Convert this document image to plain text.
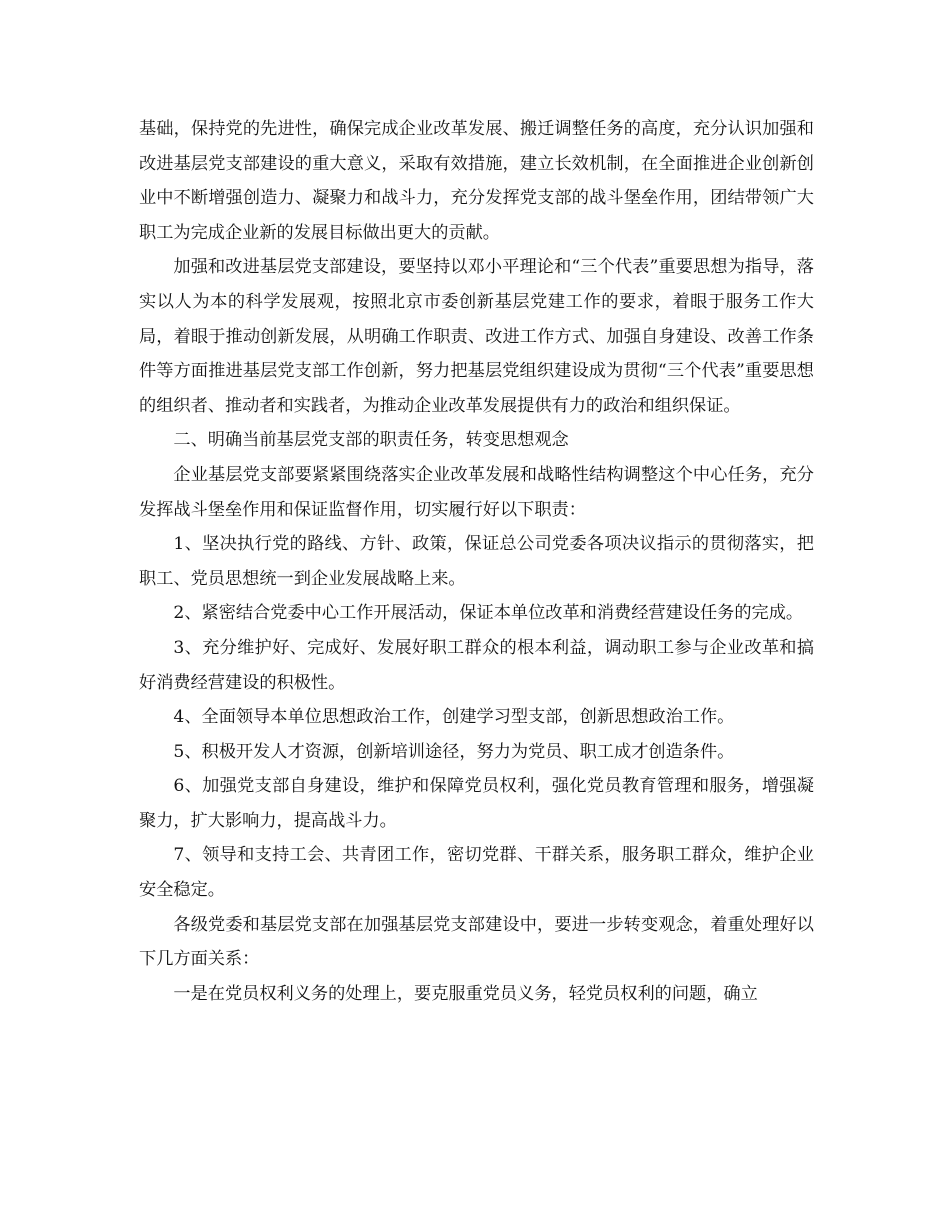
基础，保持党的先进性，确保完成企业改革发展、搬迁调整任务的高度，充分认识加强和改进基层党支部建设的重大意义，采取有效措施，建立长效机制，在全面推进企业创新创业中不断增强创造力、凝聚力和战斗力，充分发挥党支部的战斗堡垒作用，团结带领广大职工为完成企业新的发展目标做出更大的贡献。

加强和改进基层党支部建设，要坚持以邓小平理论和“三个代表”重要思想为指导，落实以人为本的科学发展观，按照北京市委创新基层党建工作的要求，着眼于服务工作大局，着眼于推动创新发展，从明确工作职责、改进工作方式、加强自身建设、改善工作条件等方面推进基层党支部工作创新，努力把基层党组织建设成为贯彻“三个代表”重要思想的组织者、推动者和实践者，为推动企业改革发展提供有力的政治和组织保证。

二、明确当前基层党支部的职责任务，转变思想观念

企业基层党支部要紧紧围绕落实企业改革发展和战略性结构调整这个中心任务，充分发挥战斗堡垒作用和保证监督作用，切实履行好以下职责：

1、坚决执行党的路线、方针、政策，保证总公司党委各项决议指示的贯彻落实，把职工、党员思想统一到企业发展战略上来。

2、紧密结合党委中心工作开展活动，保证本单位改革和消费经营建设任务的完成。

3、充分维护好、完成好、发展好职工群众的根本利益，调动职工参与企业改革和搞好消费经营建设的积极性。

4、全面领导本单位思想政治工作，创建学习型支部，创新思想政治工作。

5、积极开发人才资源，创新培训途径，努力为党员、职工成才创造条件。

6、加强党支部自身建设，维护和保障党员权利，强化党员教育管理和服务，增强凝聚力，扩大影响力，提高战斗力。

7、领导和支持工会、共青团工作，密切党群、干群关系，服务职工群众，维护企业安全稳定。

各级党委和基层党支部在加强基层党支部建设中，要进一步转变观念，着重处理好以下几方面关系：

一是在党员权利义务的处理上，要克服重党员义务，轻党员权利的问题，确立
